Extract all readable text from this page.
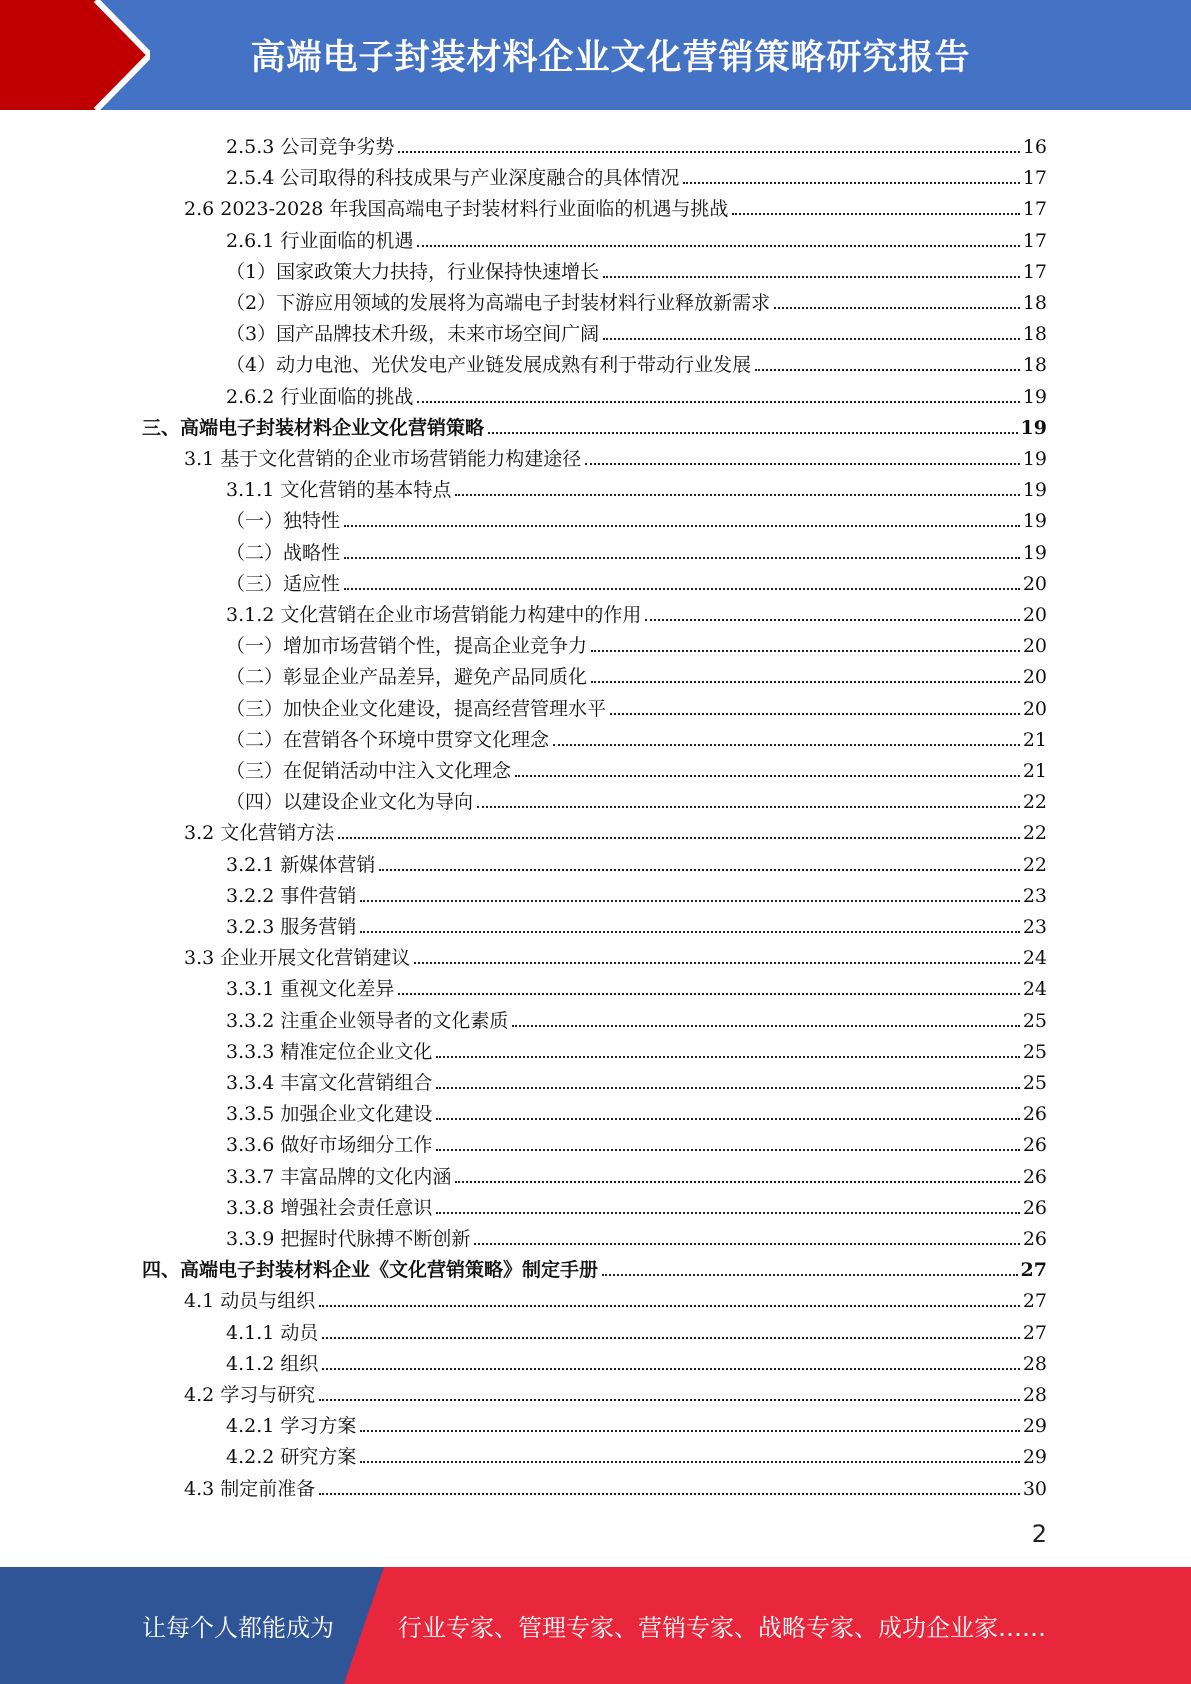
高端电子封装材料企业文化营销策略研究报告
2.5.3 公司竞争劣势	16
2.5.4 公司取得的科技成果与产业深度融合的具体情况	17
2.6 2023-2028 年我国高端电子封装材料行业面临的机遇与挑战	17
2.6.1 行业面临的机遇	17
（1）国家政策大力扶持，行业保持快速增长	17
（2）下游应用领域的发展将为高端电子封装材料行业释放新需求	18
（3）国产品牌技术升级，未来市场空间广阔	18
（4）动力电池、光伏发电产业链发展成熟有利于带动行业发展	18
2.6.2 行业面临的挑战	19
三、高端电子封装材料企业文化营销策略	19
3.1 基于文化营销的企业市场营销能力构建途径	19
3.1.1 文化营销的基本特点	19
（一）独特性	19
（二）战略性	19
（三）适应性	20
3.1.2 文化营销在企业市场营销能力构建中的作用	20
（一）增加市场营销个性，提高企业竞争力	20
（二）彰显企业产品差异，避免产品同质化	20
（三）加快企业文化建设，提高经营管理水平	20
（二）在营销各个环境中贯穿文化理念	21
（三）在促销活动中注入文化理念	21
（四）以建设企业文化为导向	22
3.2 文化营销方法	22
3.2.1 新媒体营销	22
3.2.2 事件营销	23
3.2.3 服务营销	23
3.3 企业开展文化营销建议	24
3.3.1 重视文化差异	24
3.3.2 注重企业领导者的文化素质	25
3.3.3 精准定位企业文化	25
3.3.4 丰富文化营销组合	25
3.3.5 加强企业文化建设	26
3.3.6 做好市场细分工作	26
3.3.7 丰富品牌的文化内涵	26
3.3.8 增强社会责任意识	26
3.3.9 把握时代脉搏不断创新	26
四、高端电子封装材料企业《文化营销策略》制定手册	27
4.1 动员与组织	27
4.1.1 动员	27
4.1.2 组织	28
4.2 学习与研究	28
4.2.1 学习方案	29
4.2.2 研究方案	29
4.3 制定前准备	30
2
让每个人都能成为	行业专家、管理专家、营销专家、战略专家、成功企业家……
